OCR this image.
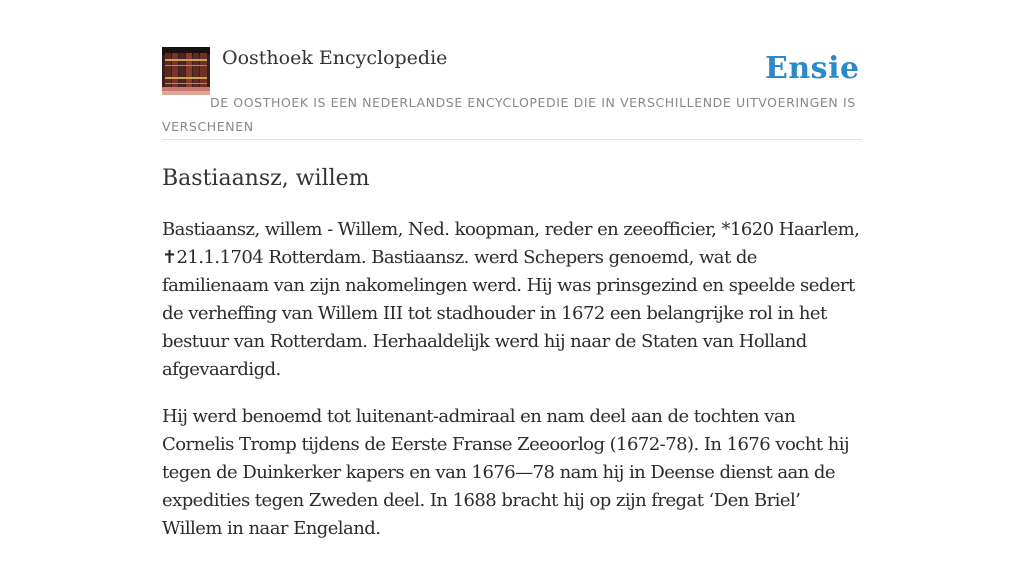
Oosthoek Encyclopedie	Ensie
DE OOSTHOEK IS EEN NEDERLANDSE ENCYCLOPEDIE DIE IN VERSCHILLENDE UITVOERINGEN IS VERSCHENEN
Bastiaansz, willem

Bastiaansz, willem - Willem, Ned. koopman, reder en zeeofficier, *1620 Haarlem, ✝21.1.1704 Rotterdam. Bastiaansz. werd Schepers genoemd, wat de familienaam van zijn nakomelingen werd. Hij was prinsgezind en speelde sedert de verheffing van Willem III tot stadhouder in 1672 een belangrijke rol in het bestuur van Rotterdam. Herhaaldelijk werd hij naar de Staten van Holland afgevaardigd.

Hij werd benoemd tot luitenant-admiraal en nam deel aan de tochten van Cornelis Tromp tijdens de Eerste Franse Zeeoorlog (1672-78). In 1676 vocht hij tegen de Duinkerker kapers en van 1676—78 nam hij in Deense dienst aan de expedities tegen Zweden deel. In 1688 bracht hij op zijn fregat ‘Den Briel’ Willem in naar Engeland.
